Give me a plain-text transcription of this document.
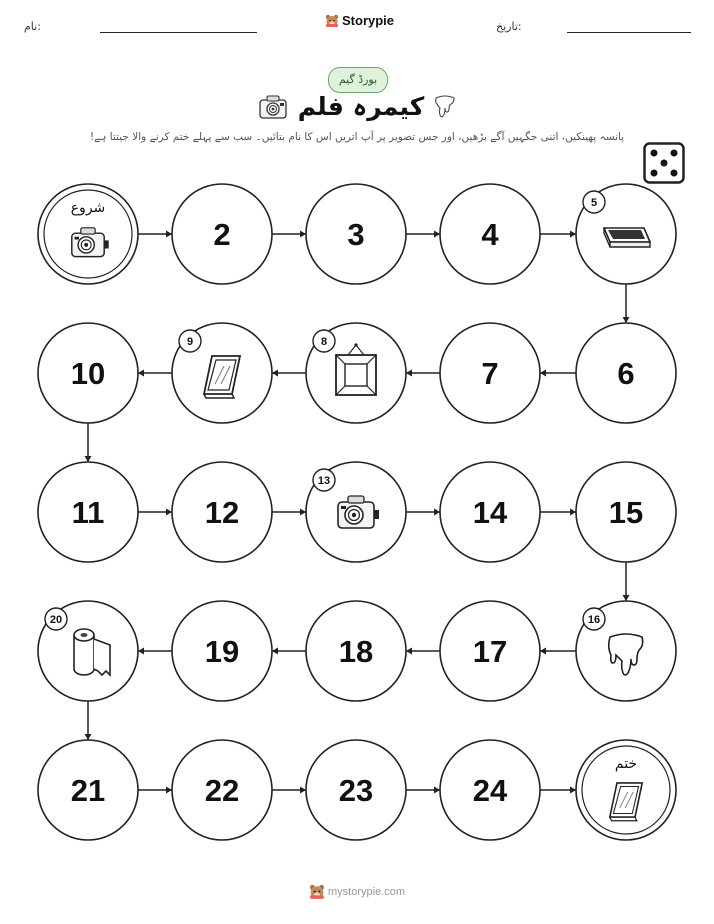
نام:	Storypie	تاریخ:
بورڈ گیم
کیمرہ فلم
پانسہ پھینکیں، اتنی جگہیں آگے بڑھیں، اور جس تصویر پر آپ اتریں اس کا نام بتائیں۔ سب سے پہلے ختم کرنے والا جیتتا ہے!
شروع
2	3	4
5
10
9	8
7	6
11	12
13
14	15
20
19	18	17
16
21	22	23	24
ختم
mystorypie.com
